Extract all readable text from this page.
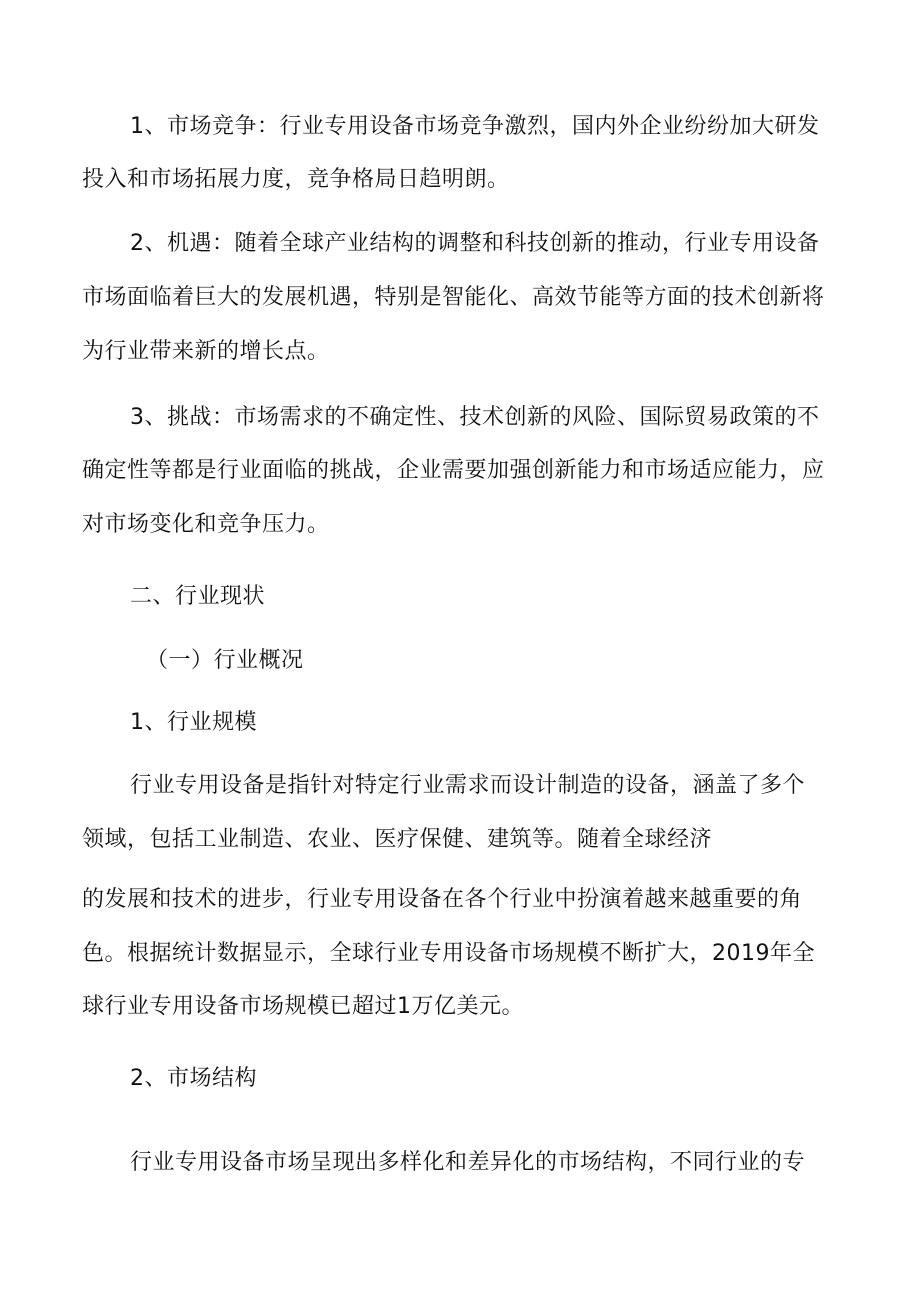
1、市场竞争：行业专用设备市场竞争激烈，国内外企业纷纷加大研发
投入和市场拓展力度，竞争格局日趋明朗。
2、机遇：随着全球产业结构的调整和科技创新的推动，行业专用设备
市场面临着巨大的发展机遇，特别是智能化、高效节能等方面的技术创新将
为行业带来新的增长点。
3、挑战：市场需求的不确定性、技术创新的风险、国际贸易政策的不
确定性等都是行业面临的挑战，企业需要加强创新能力和市场适应能力，应
对市场变化和竞争压力。
二、行业现状
（一）行业概况
1、行业规模
行业专用设备是指针对特定行业需求而设计制造的设备，涵盖了多个
领域，包括工业制造、农业、医疗保健、建筑等。随着全球经济
的发展和技术的进步，行业专用设备在各个行业中扮演着越来越重要的角
色。根据统计数据显示，全球行业专用设备市场规模不断扩大，2019年全
球行业专用设备市场规模已超过1万亿美元。
2、市场结构
行业专用设备市场呈现出多样化和差异化的市场结构，不同行业的专
